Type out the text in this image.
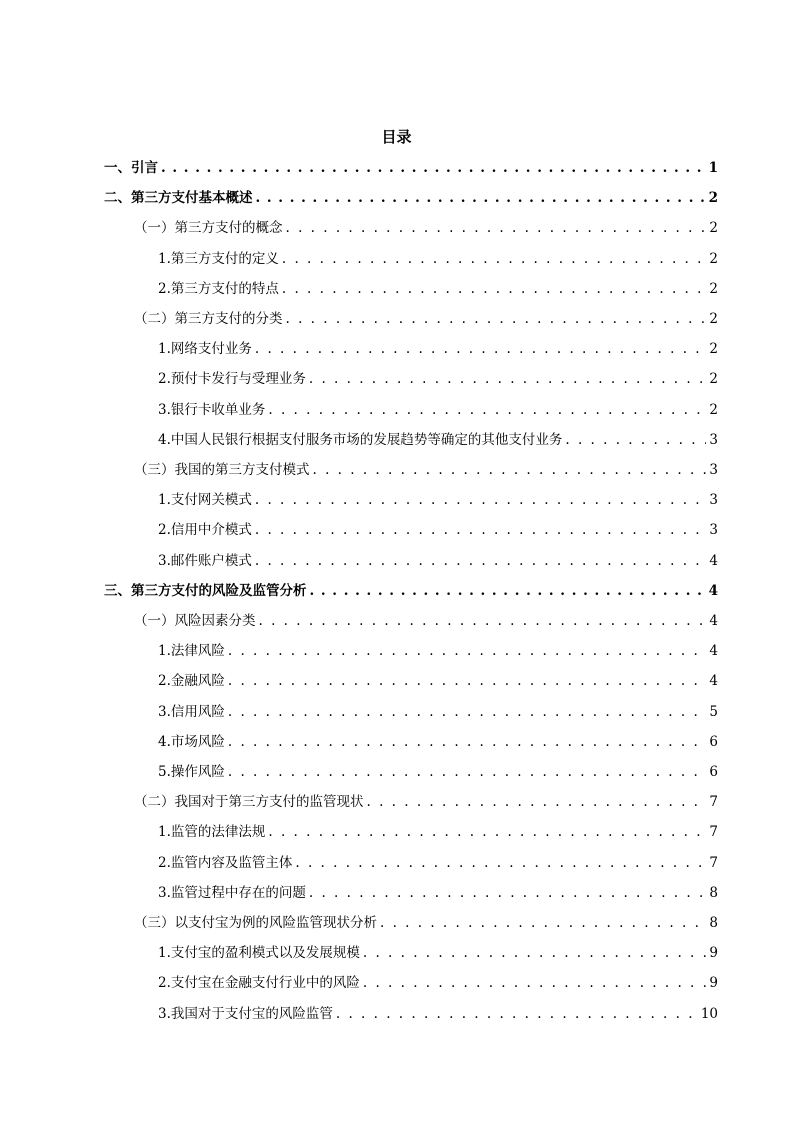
目录
一、引言 . . .	1
二、第三方支付基本概述 . . .	2
（一）第三方支付的概念 . . .	2
1.第三方支付的定义 . . .	2
2.第三方支付的特点 . . .	2
（二）第三方支付的分类 . . .	2
1.网络支付业务 . . .	2
2.预付卡发行与受理业务 . . .	2
3.银行卡收单业务 . . .	2
4.中国人民银行根据支付服务市场的发展趋势等确定的其他支付业务 . . .	3
（三）我国的第三方支付模式 . . .	3
1.支付网关模式 . . .	3
2.信用中介模式 . . .	3
3.邮件账户模式 . . .	4
三、第三方支付的风险及监管分析 . . .	4
（一）风险因素分类 . . .	4
1.法律风险 . . .	4
2.金融风险 . . .	4
3.信用风险 . . .	5
4.市场风险 . . .	6
5.操作风险 . . .	6
（二）我国对于第三方支付的监管现状 . . .	7
1.监管的法律法规 . . .	7
2.监管内容及监管主体 . . .	7
3.监管过程中存在的问题 . . .	8
（三）以支付宝为例的风险监管现状分析 . . .	8
1.支付宝的盈利模式以及发展规模 . . .	9
2.支付宝在金融支付行业中的风险 . . .	9
3.我国对于支付宝的风险监管 . . .	10
